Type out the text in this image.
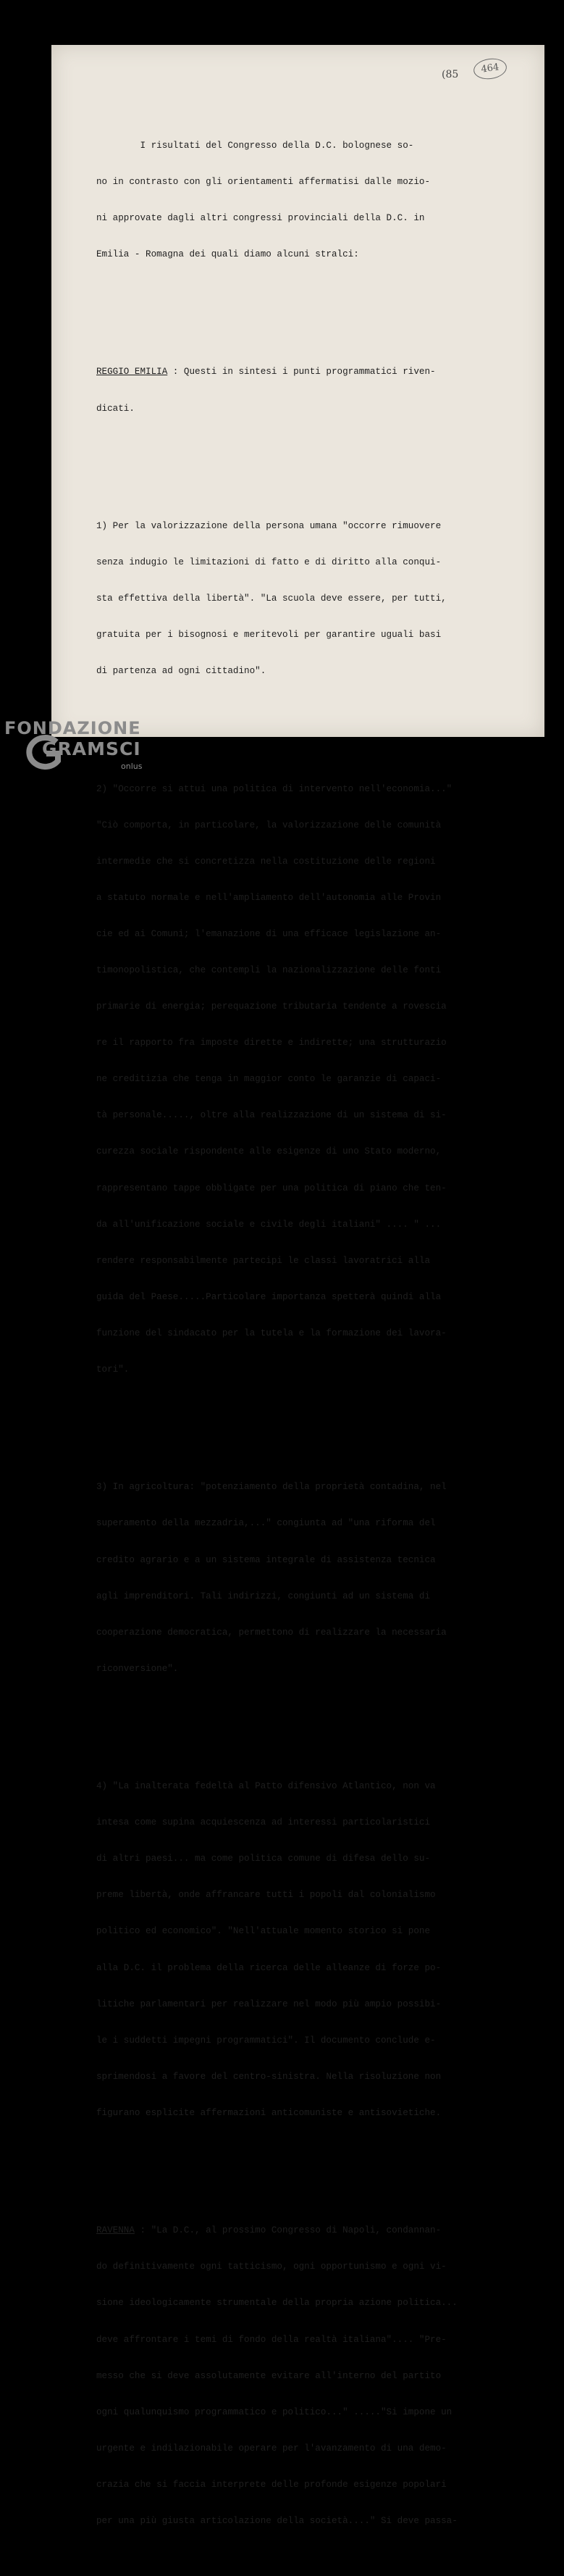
(85	464

I risultati del Congresso della D.C. bolognese so-

no in contrasto con gli orientamenti affermatisi dalle mozio-

ni approvate dagli altri congressi provinciali della D.C. in

Emilia - Romagna dei quali diamo alcuni stralci:

REGGIO EMILIA : Questi in sintesi i punti programmatici riven-

dicati.

1) Per la valorizzazione della persona umana "occorre rimuovere

senza indugio le limitazioni di fatto e di diritto alla conqui-

sta effettiva della libertà". "La scuola deve essere, per tutti,

gratuita per i bisognosi e meritevoli per garantire uguali basi

di partenza ad ogni cittadino".

2) "Occorre si attui una politica di intervento nell'economia..."

"Ciò comporta, in particolare, la valorizzazione delle comunità

intermedie che si concretizza nella costituzione delle regioni

a statuto normale e nell'ampliamento dell'autonomia alle Provin

cie ed ai Comuni; l'emanazione di una efficace legislazione an-

timonopolistica, che contempli la nazionalizzazione delle fonti

primarie di energia; perequazione tributaria tendente a rovescia

re il rapporto fra imposte dirette e indirette; una strutturazio

ne creditizia che tenga in maggior conto le garanzie di capaci-

tà personale....., oltre alla realizzazione di un sistema di si-

curezza sociale rispondente alle esigenze di uno Stato moderno,

rappresentano tappe obbligate per una politica di piano che ten-

da all'unificazione sociale e civile degli italiani" .... " ...

rendere responsabilmente partecipi le classi lavoratrici alla

guida del Paese.....Particolare importanza spetterà quindi alla

funzione del sindacato per la tutela e la formazione dei lavora-

tori".

3) In agricoltura: "potenziamento della proprietà contadina, nel

superamento della mezzadria,..." congiunta ad "una riforma del

credito agrario e a un sistema integrale di assistenza tecnica

agli imprenditori. Tali indirizzi, congiunti ad un sistema di

cooperazione democratica, permettono di realizzare la necessaria

riconversione".

4) "La inalterata fedeltà al Patto difensivo Atlantico, non va

intesa come supina acquiescenza ad interessi particolaristici

di altri paesi... ma come politica comune di difesa dello su-

preme libertà, onde affrancare tutti i popoli dal colonialismo

politico ed economico". "Nell'attuale momento storico si pone

alla D.C. il problema della ricerca delle alleanze di forze po-

litiche parlamentari per realizzare nel modo più ampio possibi-

le i suddetti impegni programmatici". Il documento conclude e-

sprimendosi a favore del centro-sinistra. Nella risoluzione non

figurano esplicite affermazioni anticomuniste e antisovietiche.

RAVENNA : "La D.C., al prossimo Congresso di Napoli, condannan-

do definitivamente ogni tatticismo, ogni opportunismo e ogni vi-

sione ideologicamente strumentale della propria azione politica...

deve affrontare i temi di fondo della realtà italiana".... "Pre-

messo che si deve assolutamente evitare all'interno del partito

ogni qualunquismo programmatico e politico..." ....."Si impone un

urgente e indilazionabile operare per l'avanzamento di una demo-

crazia che si faccia interprete delle profonde esigenze popolari

per una più giusta articolazione della società...." Si deve passa-

FONDAZIONE
GRAMSCI
onlus
